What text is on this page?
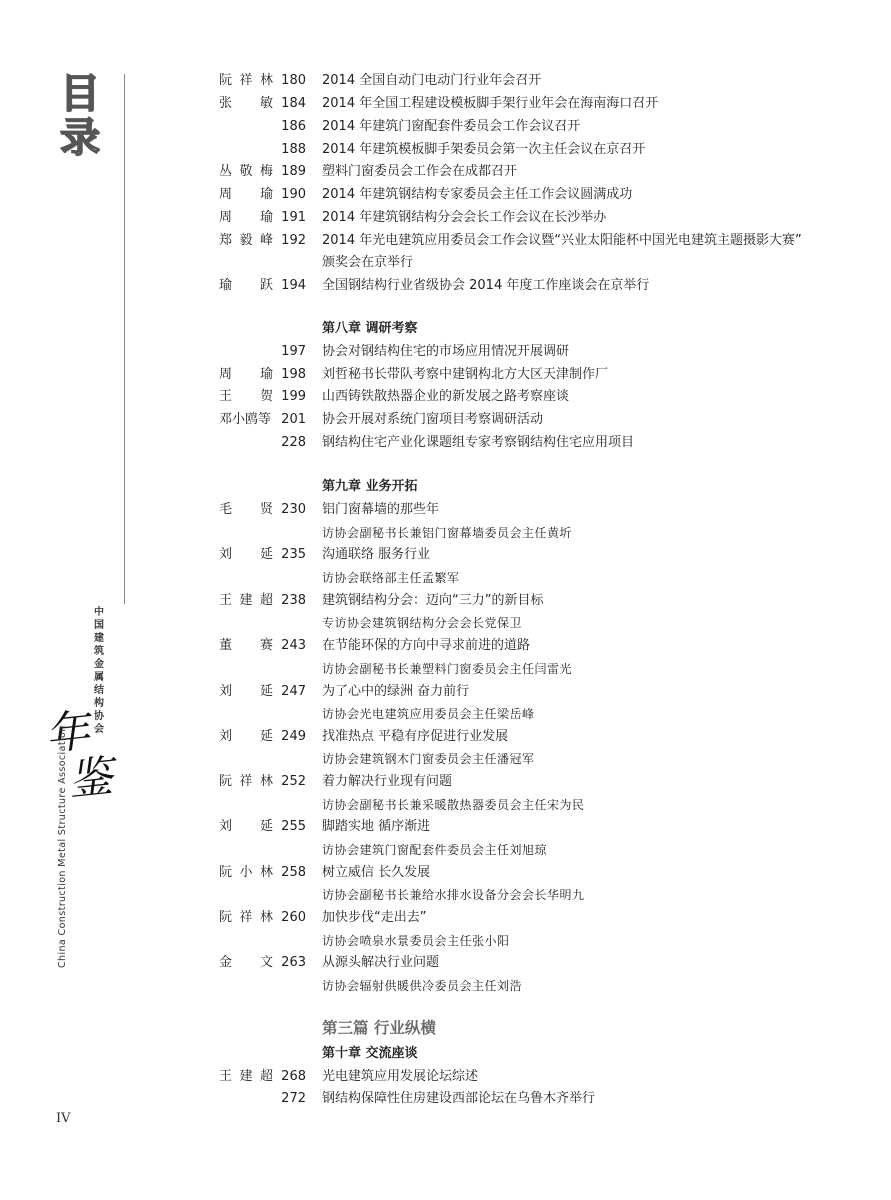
目
录
中
国
建
筑
金
属
结
构
协
会
年
鉴
China Construction Metal Structure Association
阮祥林 180 2014 全国自动门电动门行业年会召开
张　敏 184 2014 年全国工程建设模板脚手架行业年会在海南海口召开
186 2014 年建筑门窗配套件委员会工作会议召开
188 2014 年建筑模板脚手架委员会第一次主任会议在京召开
丛敬梅 189 塑料门窗委员会工作会在成都召开
周　瑜 190 2014 年建筑钢结构专家委员会主任工作会议圆满成功
周　瑜 191 2014 年建筑钢结构分会会长工作会议在长沙举办
郑毅峰 192 2014 年光电建筑应用委员会工作会议暨“兴业太阳能杯中国光电建筑主题摄影大赛”
颁奖会在京举行
瑜　跃 194 全国钢结构行业省级协会 2014 年度工作座谈会在京举行
第八章 调研考察
197 协会对钢结构住宅的市场应用情况开展调研
周　瑜 198 刘哲秘书长带队考察中建钢构北方大区天津制作厂
王　贺 199 山西铸铁散热器企业的新发展之路考察座谈
邓小鸥等 201 协会开展对系统门窗项目考察调研活动
228 钢结构住宅产业化课题组专家考察钢结构住宅应用项目
第九章 业务开拓
毛　贤 230 铝门窗幕墙的那些年
访协会副秘书长兼铝门窗幕墙委员会主任黄圻
刘　延 235 沟通联络 服务行业
访协会联络部主任孟繁军
王建超 238 建筑钢结构分会：迈向“三力”的新目标
专访协会建筑钢结构分会会长党保卫
董　赛 243 在节能环保的方向中寻求前进的道路
访协会副秘书长兼塑料门窗委员会主任闫雷光
刘　延 247 为了心中的绿洲 奋力前行
访协会光电建筑应用委员会主任梁岳峰
刘　延 249 找准热点 平稳有序促进行业发展
访协会建筑钢木门窗委员会主任潘冠军
阮祥林 252 着力解决行业现有问题
访协会副秘书长兼采暖散热器委员会主任宋为民
刘　延 255 脚踏实地 循序渐进
访协会建筑门窗配套件委员会主任刘旭琼
阮小林 258 树立威信 长久发展
访协会副秘书长兼给水排水设备分会会长华明九
阮祥林 260 加快步伐“走出去”
访协会喷泉水景委员会主任张小阳
金　文 263 从源头解决行业问题
访协会辐射供暖供冷委员会主任刘浩
第三篇 行业纵横
第十章 交流座谈
王建超 268 光电建筑应用发展论坛综述
272 钢结构保障性住房建设西部论坛在乌鲁木齐举行
IV
